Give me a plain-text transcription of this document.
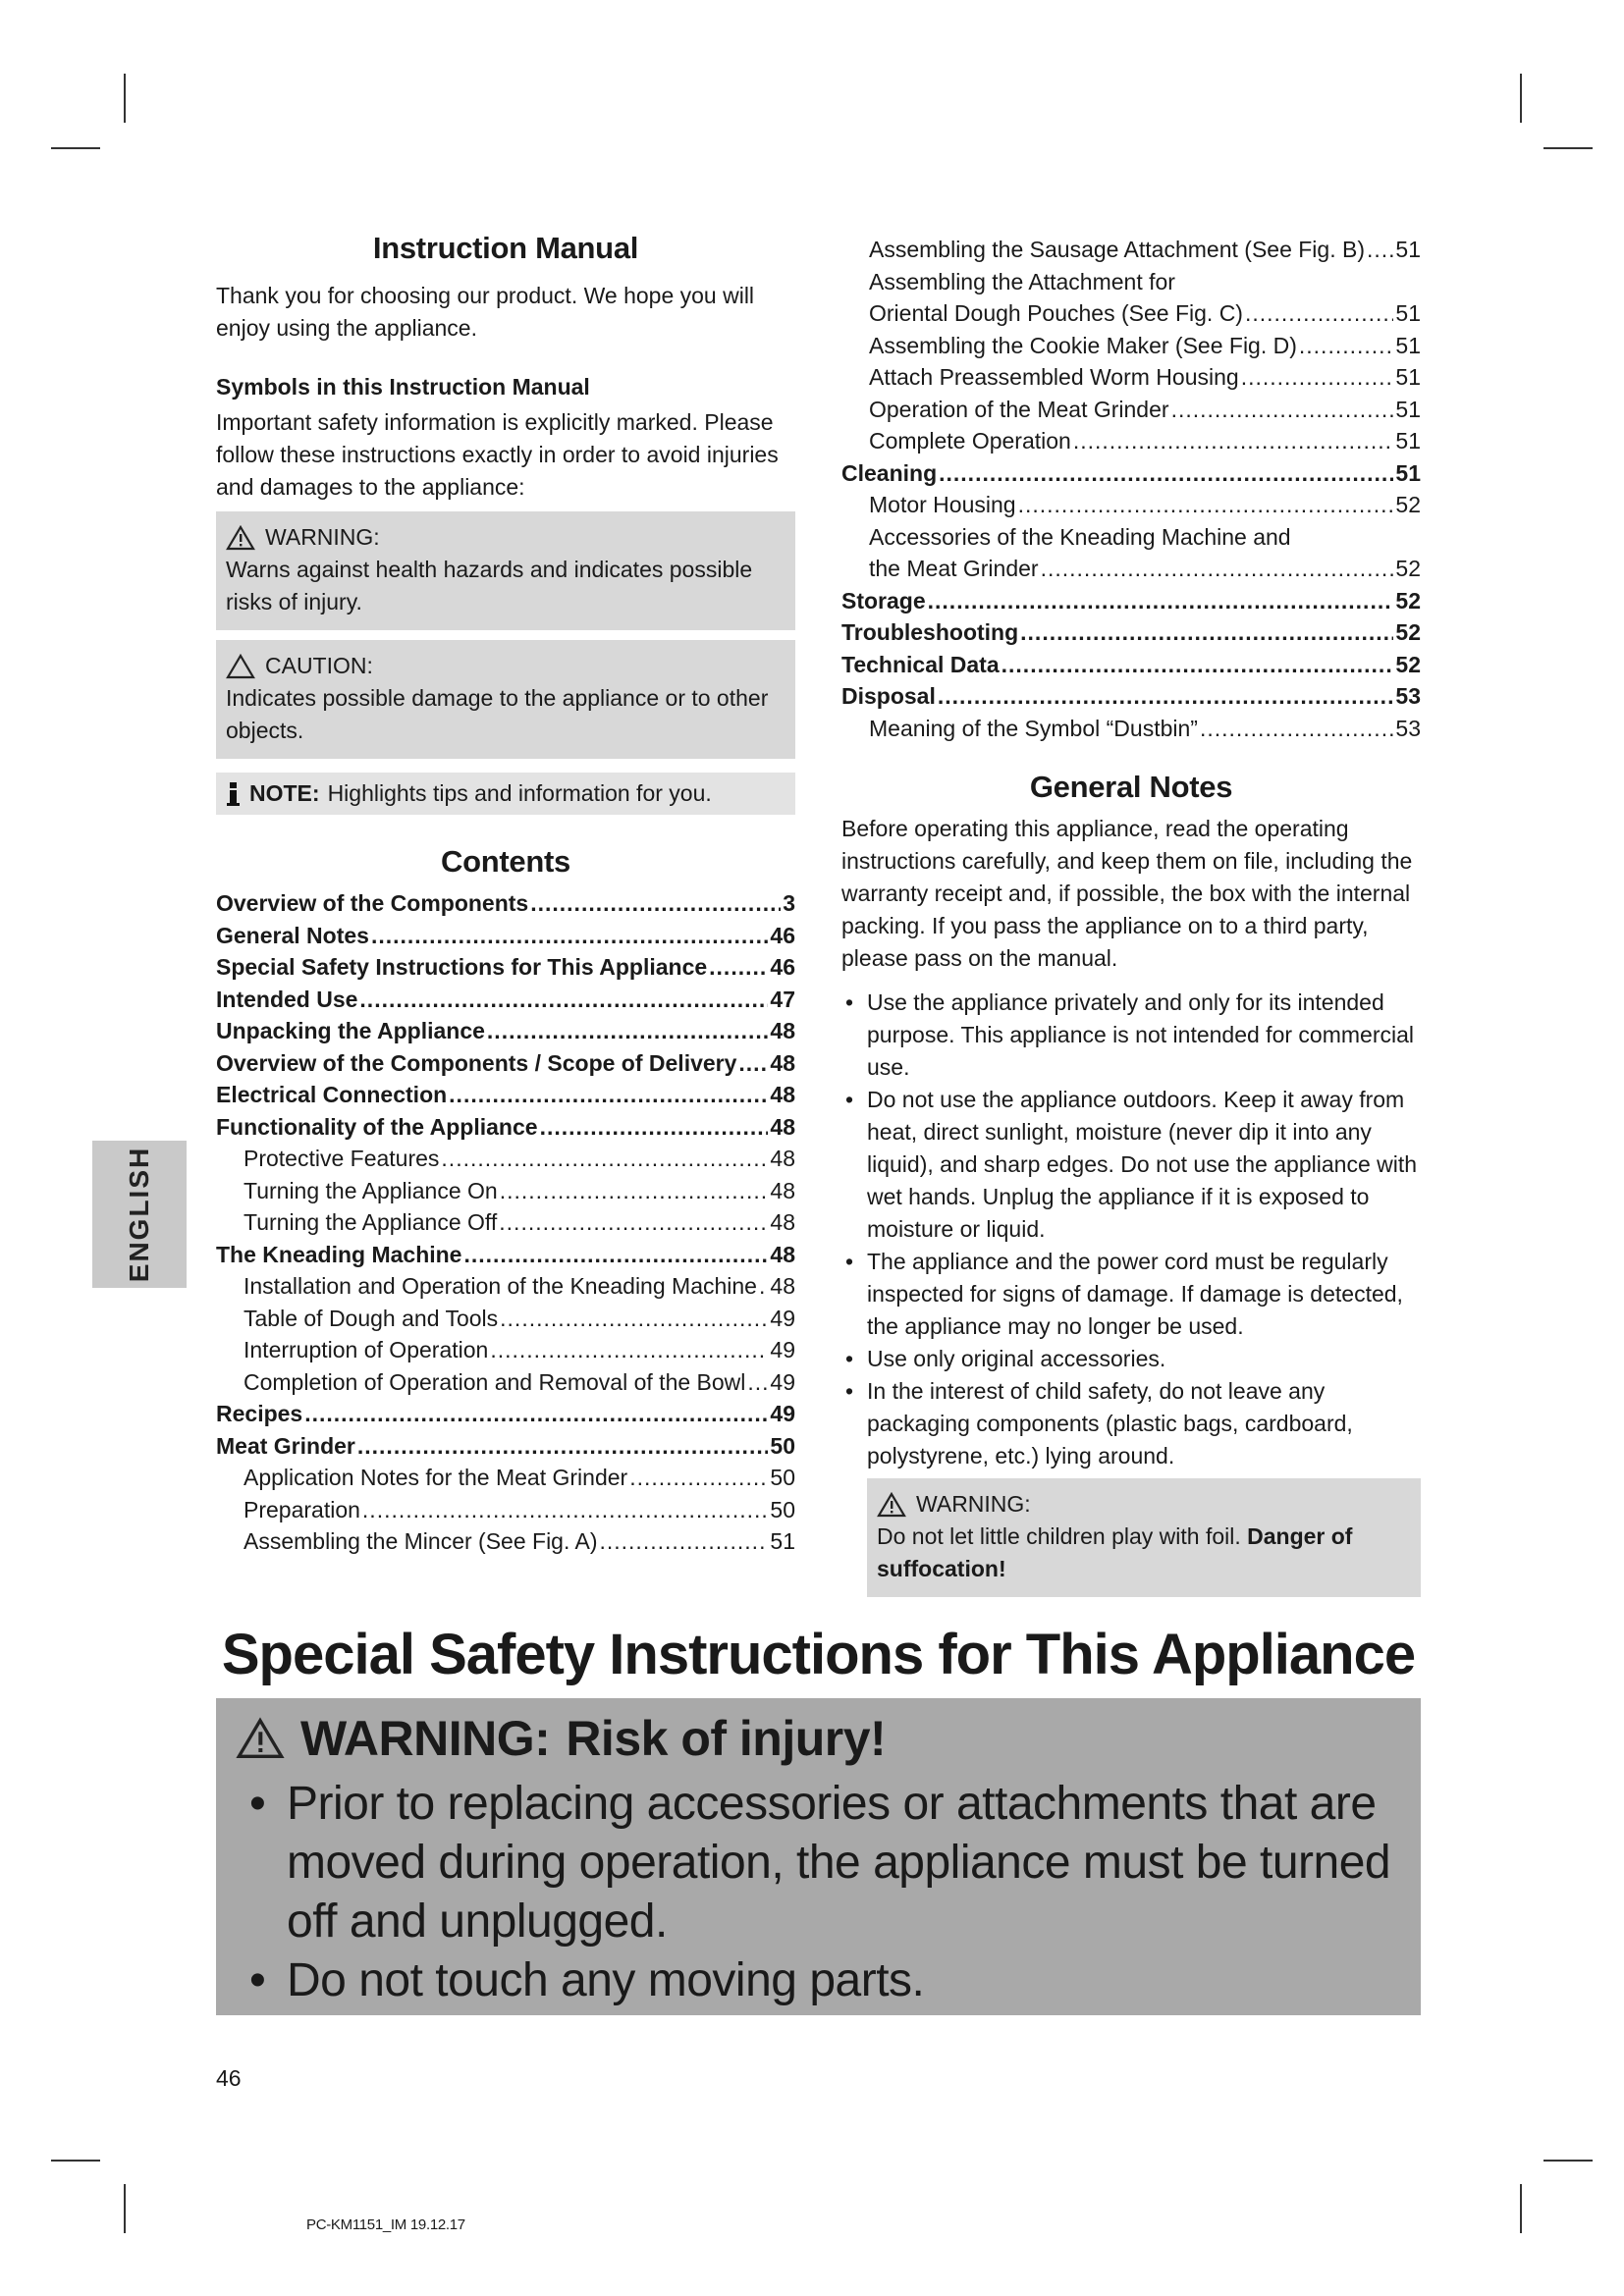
ENGLISH
Instruction Manual

Thank you for choosing our product. We hope you will enjoy using the appliance.

Symbols in this Instruction Manual

Important safety information is explicitly marked. Please follow these instructions exactly in order to avoid injuries and damages to the appliance:

WARNING:
Warns against health hazards and indicates possible risks of injury.
CAUTION:
Indicates possible damage to the appliance or to other objects.
NOTE: Highlights tips and information for you.
Contents
Overview of the Components .....	3
General Notes .....	46
Special Safety Instructions for This Appliance .....	46
Intended Use .....	47
Unpacking the Appliance .....	48
Overview of the Components / Scope of Delivery ..... 48
Electrical Connection .....	48
Functionality of the Appliance .....	48
Protective Features .....	48
Turning the Appliance On .....	48
Turning the Appliance Off .....	48
The Kneading Machine .....	48
Installation and Operation of the Kneading Machine ..... 48
Table of Dough and Tools .....	49
Interruption of Operation .....	49
Completion of Operation and Removal of the Bowl ..... 49
Recipes .....	49
Meat Grinder .....	50
Application Notes for the Meat Grinder .....	50
Preparation .....	50
Assembling the Mincer (See Fig. A) .....	51
Assembling the Sausage Attachment (See Fig. B) ..... 51
Assembling the Attachment for
Oriental Dough Pouches (See Fig. C) .....	51
Assembling the Cookie Maker (See Fig. D) .....	51
Attach Preassembled Worm Housing .....	51
Operation of the Meat Grinder .....	51
Complete Operation .....	51
Cleaning .....	51
Motor Housing .....	52
Accessories of the Kneading Machine and
the Meat Grinder .....	52
Storage .....	52
Troubleshooting .....	52
Technical Data .....	52
Disposal .....	53
Meaning of the Symbol “Dustbin” .....	53
General Notes

Before operating this appliance, read the operating instructions carefully, and keep them on file, including the warranty receipt and, if possible, the box with the internal packing. If you pass the appliance on to a third party, please pass on the manual.

• Use the appliance privately and only for its intended purpose. This appliance is not intended for commercial use.
• Do not use the appliance outdoors. Keep it away from heat, direct sunlight, moisture (never dip it into any liquid), and sharp edges. Do not use the appliance with wet hands. Unplug the appliance if it is exposed to moisture or liquid.
• The appliance and the power cord must be regularly inspected for signs of damage. If damage is detected, the appliance may no longer be used.
• Use only original accessories.
• In the interest of child safety, do not leave any packaging components (plastic bags, cardboard, polystyrene, etc.) lying around.
WARNING:
Do not let little children play with foil. Danger of suffocation!
Special Safety Instructions for This Appliance
WARNING: Risk of injury!
• Prior to replacing accessories or attachments that are moved during operation, the appliance must be turned off and unplugged.
• Do not touch any moving parts.
46
PC-KM1151_IM 19.12.17
